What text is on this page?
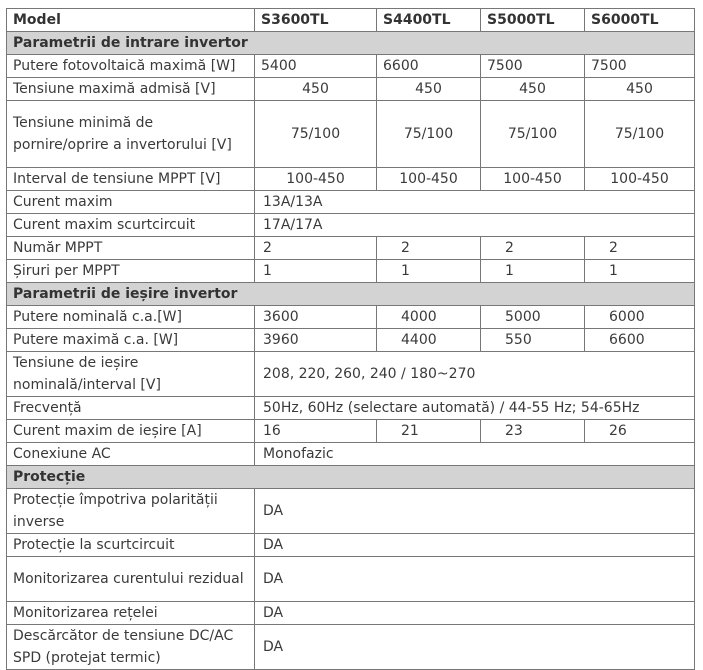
Model	S3600TL	S4400TL	S5000TL	S6000TL
Parametrii de intrare invertor				
Putere fotovoltaică maximă [W]	5400	6600	7500	7500
Tensiune maximă admisă [V]	450	450	450	450
Tensiune minimă de pornire/oprire a invertorului [V]	75/100	75/100	75/100	75/100
Interval de tensiune MPPT [V]	100-450	100-450	100-450	100-450
Curent maxim	13A/13A			
Curent maxim scurtcircuit	17A/17A			
Număr MPPT	2	2	2	2
Șiruri per MPPT	1	1	1	1
Parametrii de ieșire invertor				
Putere nominală c.a.[W]	3600	4000	5000	6000
Putere maximă c.a. [W]	3960	4400	550	6600
Tensiune de ieșire nominală/interval [V]	208, 220, 260, 240 / 180~270			
Frecvență	50Hz, 60Hz (selectare automată) / 44-55 Hz; 54-65Hz			
Curent maxim de ieșire [A]	16	21	23	26
Conexiune AC	Monofazic			
Protecție				
Protecție împotriva polarității inverse	DA			
Protecție la scurtcircuit	DA			
Monitorizarea curentului rezidual	DA			
Monitorizarea rețelei	DA			
Descărcător de tensiune DC/AC SPD (protejat termic)	DA			
